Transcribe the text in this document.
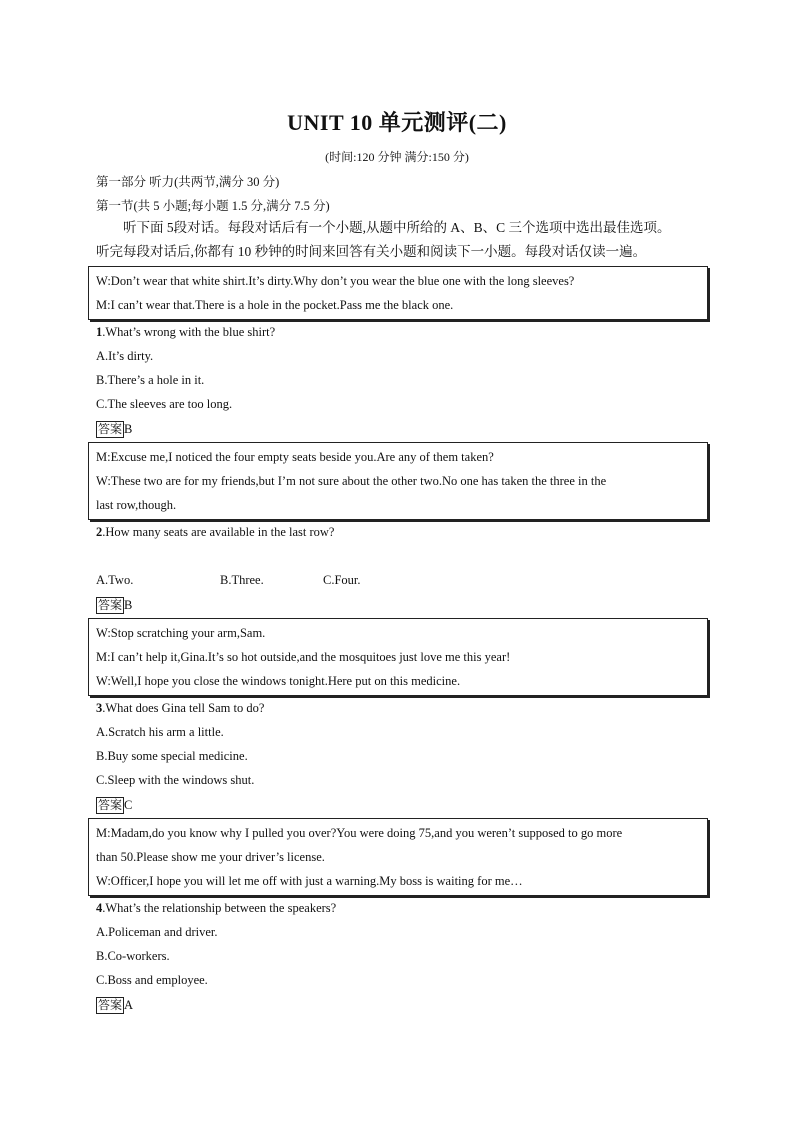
UNIT 10 单元测评(二)
(时间:120 分钟 满分:150 分)
第一部分 听力(共两节,满分 30 分)
第一节(共 5 小题;每小题 1.5 分,满分 7.5 分)

听下面 5段对话。每段对话后有一个小题,从题中所给的 A、B、C 三个选项中选出最佳选项。

听完每段对话后,你都有 10 秒钟的时间来回答有关小题和阅读下一小题。每段对话仅读一遍。

W:Don’t wear that white shirt.It’s dirty.Why don’t you wear the blue one with the long sleeves?

M:I can’t wear that.There is a hole in the pocket.Pass me the black one.

1.What’s wrong with the blue shirt?
A.It’s dirty.
B.There’s a hole in it.
C.The sleeves are too long.
答案 B

M:Excuse me,I noticed the four empty seats beside you.Are any of them taken?

W:These two are for my friends,but I’m not sure about the other two.No one has taken the three in the

last row,though.

2.How many seats are available in the last row?
A.Two.	B.Three.	C.Four.
答案 B

W:Stop scratching your arm,Sam.

M:I can’t help it,Gina.It’s so hot outside,and the mosquitoes just love me this year!

W:Well,I hope you close the windows tonight.Here put on this medicine.

3.What does Gina tell Sam to do?
A.Scratch his arm a little.
B.Buy some special medicine.
C.Sleep with the windows shut.
答案 C

M:Madam,do you know why I pulled you over?You were doing 75,and you weren’t supposed to go more

than 50.Please show me your driver’s license.

W:Officer,I hope you will let me off with just a warning.My boss is waiting for me…

4.What’s the relationship between the speakers?
A.Policeman and driver.
B.Co-workers.
C.Boss and employee.
答案 A
